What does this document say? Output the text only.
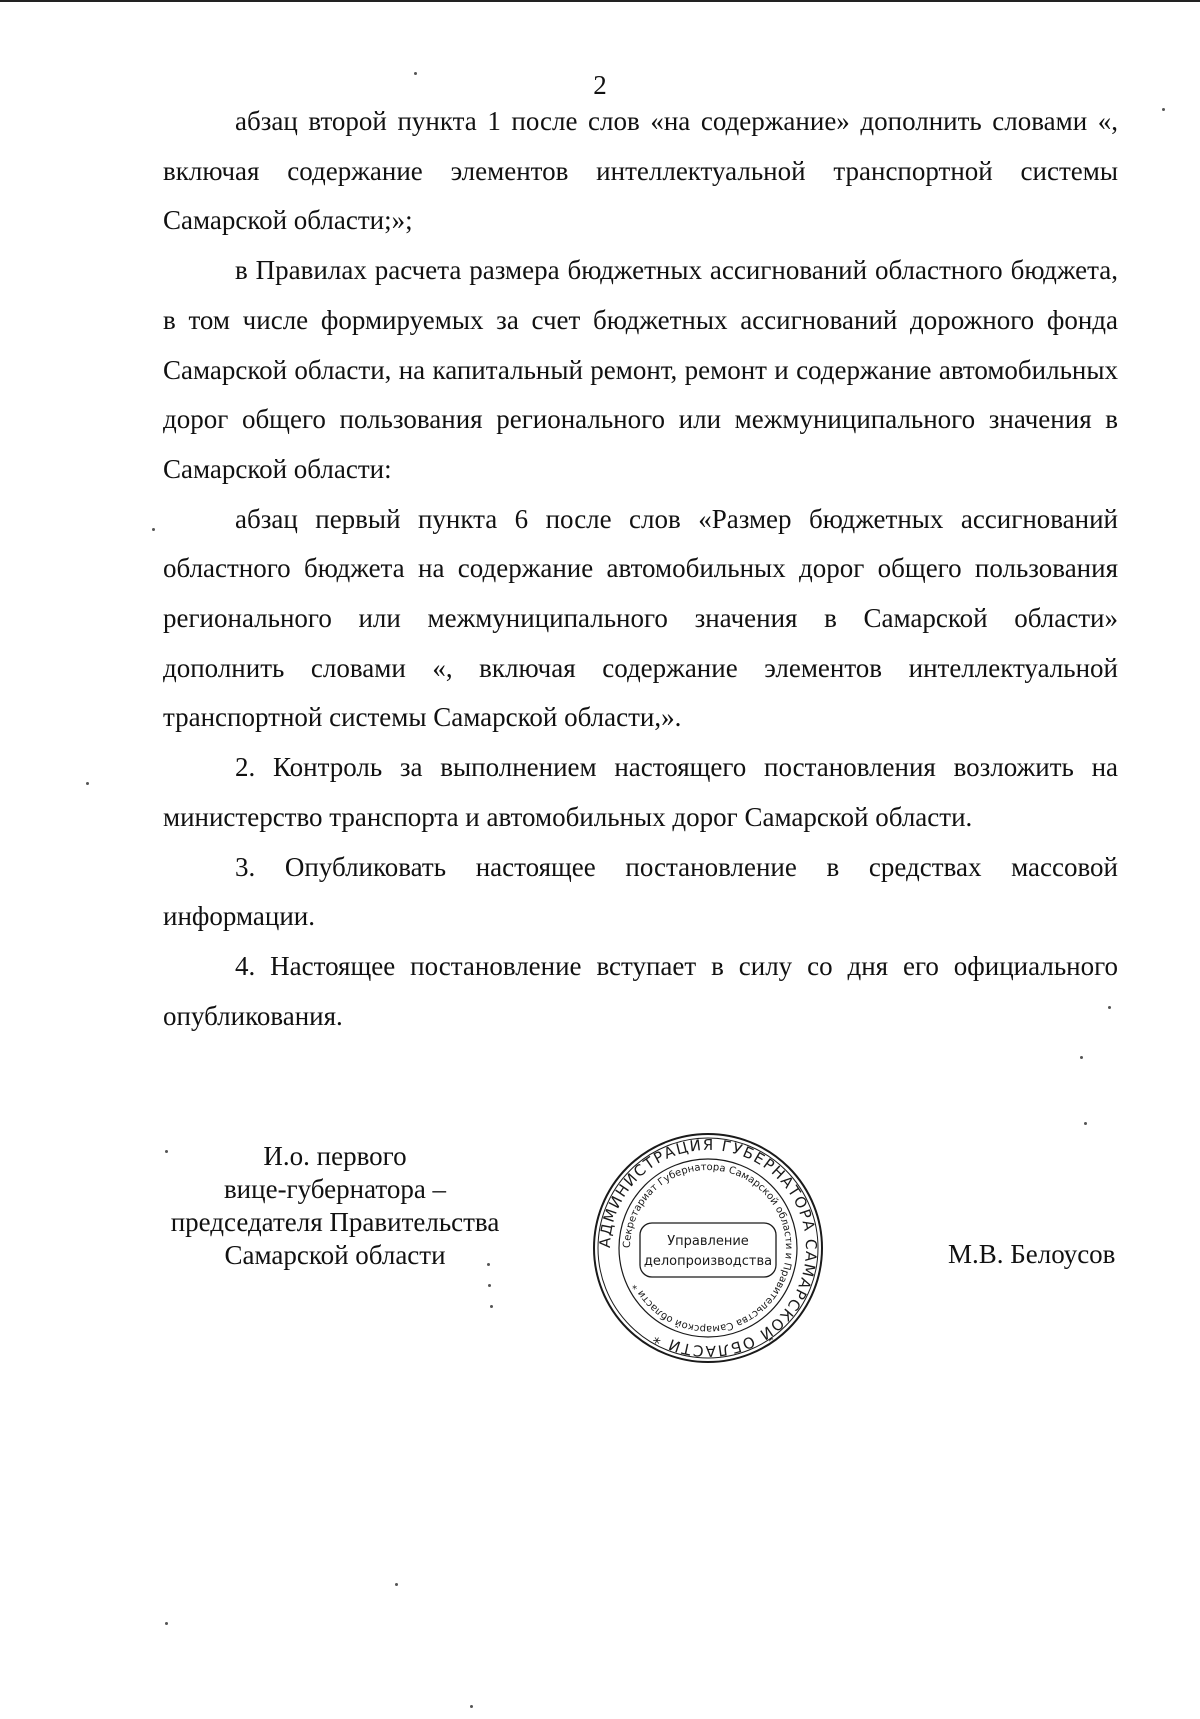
2

абзац второй пункта 1 после слов «на содержание» дополнить словами «, включая содержание элементов интеллектуальной транспортной системы Самарской области;»;

в Правилах расчета размера бюджетных ассигнований областного бюджета, в том числе формируемых за счет бюджетных ассигнований дорожного фонда Самарской области, на капитальный ремонт, ремонт и содержание автомобильных дорог общего пользования регионального или межмуниципального значения в Самарской области:

абзац первый пункта 6 после слов «Размер бюджетных ассигнований областного бюджета на содержание автомобильных дорог общего пользования регионального или межмуниципального значения в Самарской области» дополнить словами «, включая содержание элементов интеллектуальной транспортной системы Самарской области,».

2. Контроль за выполнением настоящего постановления возложить на министерство транспорта и автомобильных дорог Самарской области.

3. Опубликовать настоящее постановление в средствах массовой информации.

4. Настоящее постановление вступает в силу со дня его официального опубликования.

И.о. первого
вице-губернатора –
председателя Правительства
Самарской области	АДМИНИСТРАЦИЯ ГУБЕРНАТОРА САМАРСКОЙ ОБЛАСТИ *
Секретариат Губернатора Самарской области и Правительства Самарской области *
Управление
делопроизводства	М.В. Белоусов
